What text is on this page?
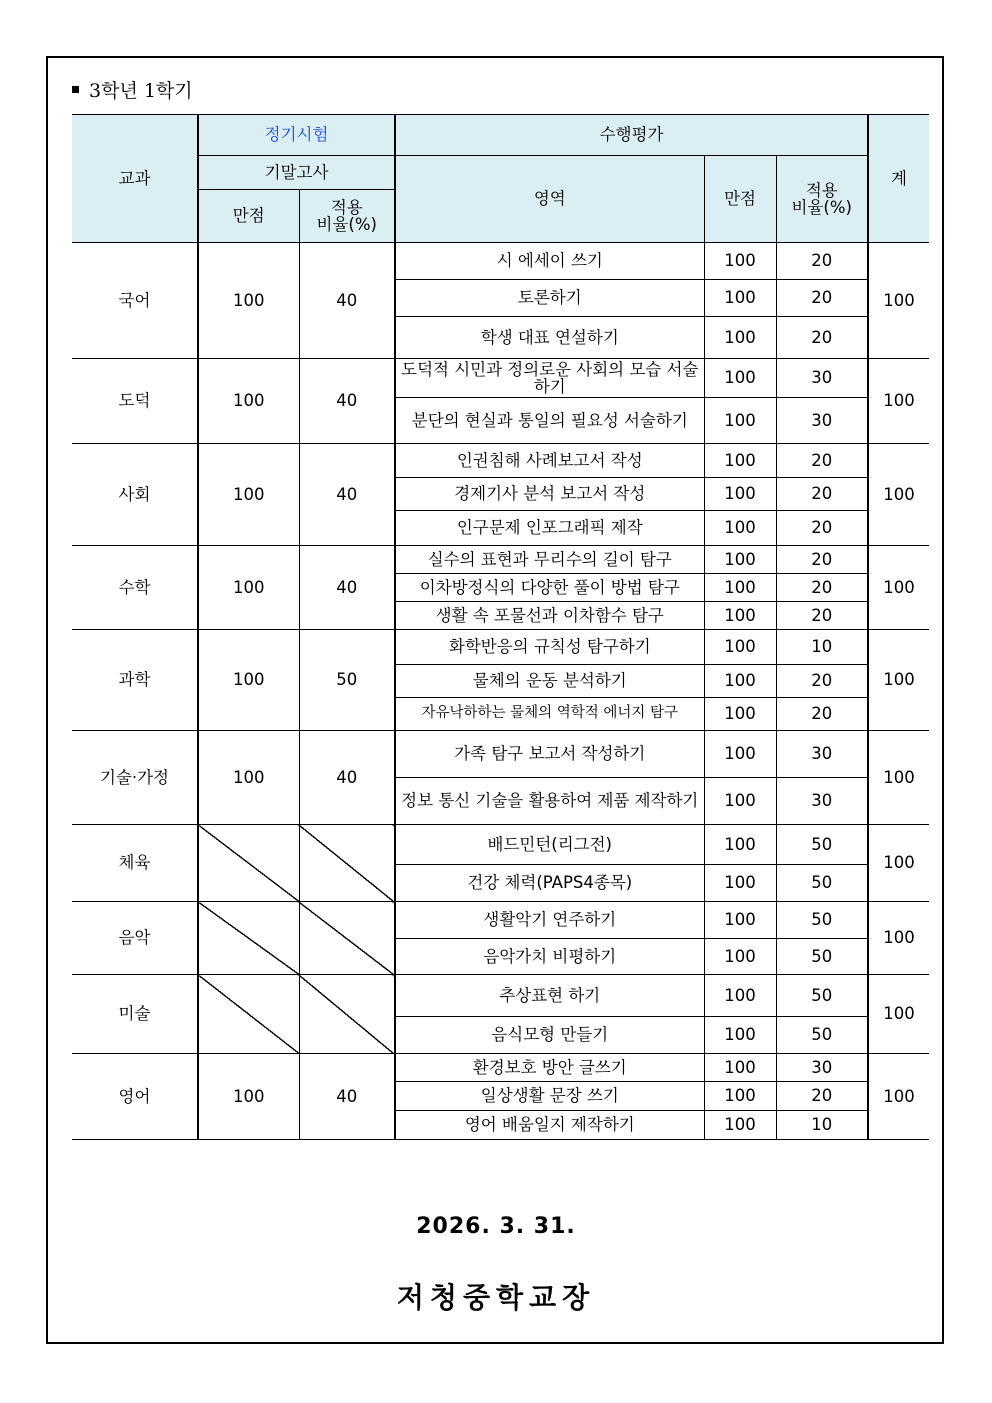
3학년 1학기
교과	정기시험		수행평가			계
	기말고사		영역	만점	적용
비율(%)	

	만점	적용
비율(%)				

국어	100	40	시 에세이 쓰기	100	20	100
			토론하기	100	20	
			학생 대표 연설하기	100	20	
도덕	100	40	도덕적 시민과 정의로운 사회의 모습 서술하기	100	30	100
			분단의 현실과 통일의 필요성 서술하기	100	30	
사회	100	40	인권침해 사례보고서 작성	100	20	100
			경제기사 분석 보고서 작성	100	20	
			인구문제 인포그래픽 제작	100	20	
수학	100	40	실수의 표현과 무리수의 길이 탐구	100	20	100
			이차방정식의 다양한 풀이 방법 탐구	100	20	
			생활 속 포물선과 이차함수 탐구	100	20	
과학	100	50	화학반응의 규칙성 탐구하기	100	10	100
			물체의 운동 분석하기	100	20	
			자유낙하하는 물체의 역학적 에너지 탐구	100	20	
기술·가정	100	40	가족 탐구 보고서 작성하기	100	30	100
			정보 통신 기술을 활용하여 제품 제작하기	100	30	
체육			배드민턴(리그전)	100	50	100
			건강 체력(PAPS4종목)	100	50	
음악			생활악기 연주하기	100	50	100
			음악가치 비평하기	100	50	
미술			추상표현 하기	100	50	100
			음식모형 만들기	100	50	
영어	100	40	환경보호 방안 글쓰기	100	30	100
			일상생활 문장 쓰기	100	20	
			영어 배움일지 제작하기	100	10	
2026. 3. 31.
저청중학교장
